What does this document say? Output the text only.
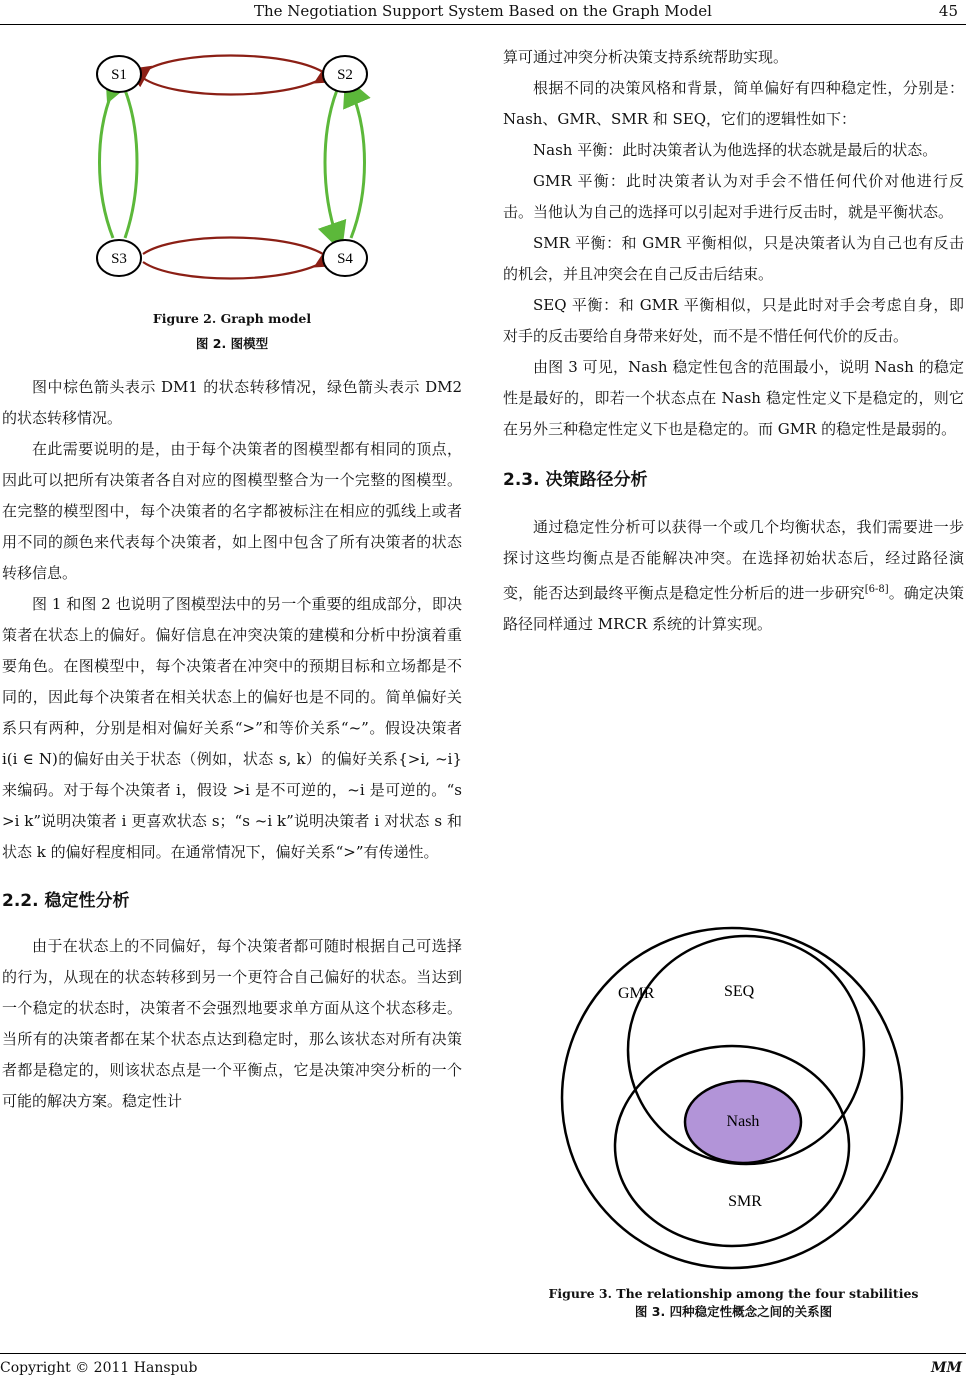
The Negotiation Support System Based on the Graph Model	45
S1	S2
S3	S4
Figure 2. Graph model
图 2. 图模型

图中棕色箭头表示 DM1 的状态转移情况，绿色箭头表示 DM2 的状态转移情况。

在此需要说明的是，由于每个决策者的图模型都有相同的顶点，因此可以把所有决策者各自对应的图模型整合为一个完整的图模型。在完整的模型图中，每个决策者的名字都被标注在相应的弧线上或者用不同的颜色来代表每个决策者，如上图中包含了所有决策者的状态转移信息。

图 1 和图 2 也说明了图模型法中的另一个重要的组成部分，即决策者在状态上的偏好。偏好信息在冲突决策的建模和分析中扮演着重要角色。在图模型中，每个决策者在冲突中的预期目标和立场都是不同的，因此每个决策者在相关状态上的偏好也是不同的。简单偏好关系只有两种，分别是相对偏好关系“>”和等价关系“~”。假设决策者 i(i ∈ N)的偏好由关于状态（例如，状态 s, k）的偏好关系{>i, ~i}来编码。对于每个决策者 i，假设 >i 是不可逆的，~i 是可逆的。“s >i k”说明决策者 i 更喜欢状态 s；“s ~i k”说明决策者 i 对状态 s 和状态 k 的偏好程度相同。在通常情况下，偏好关系“>”有传递性。

2.2. 稳定性分析

由于在状态上的不同偏好，每个决策者都可随时根据自己可选择的行为，从现在的状态转移到另一个更符合自己偏好的状态。当达到一个稳定的状态时，决策者不会强烈地要求单方面从这个状态移走。当所有的决策者都在某个状态点达到稳定时，那么该状态对所有决策者都是稳定的，则该状态点是一个平衡点，它是决策冲突分析的一个可能的解决方案。稳定性计

算可通过冲突分析决策支持系统帮助实现。

根据不同的决策风格和背景，简单偏好有四种稳定性，分别是：Nash、GMR、SMR 和 SEQ，它们的逻辑性如下：

Nash 平衡：此时决策者认为他选择的状态就是最后的状态。

GMR 平衡：此时决策者认为对手会不惜任何代价对他进行反击。当他认为自己的选择可以引起对手进行反击时，就是平衡状态。

SMR 平衡：和 GMR 平衡相似，只是决策者认为自己也有反击的机会，并且冲突会在自己反击后结束。

SEQ 平衡：和 GMR 平衡相似，只是此时对手会考虑自身，即对手的反击要给自身带来好处，而不是不惜任何代价的反击。

由图 3 可见，Nash 稳定性包含的范围最小，说明 Nash 的稳定性是最好的，即若一个状态点在 Nash 稳定性定义下是稳定的，则它在另外三种稳定性定义下也是稳定的。而 GMR 的稳定性是最弱的。

2.3. 决策路径分析

通过稳定性分析可以获得一个或几个均衡状态，我们需要进一步探讨这些均衡点是否能解决冲突。在选择初始状态后，经过路径演变，能否达到最终平衡点是稳定性分析后的进一步研究[6-8]。确定决策路径同样通过 MRCR 系统的计算实现。

GMR	SEQ
Nash
SMR
Figure 3. The relationship among the four stabilities
图 3. 四种稳定性概念之间的关系图
Copyright © 2011 Hanspub	MM
